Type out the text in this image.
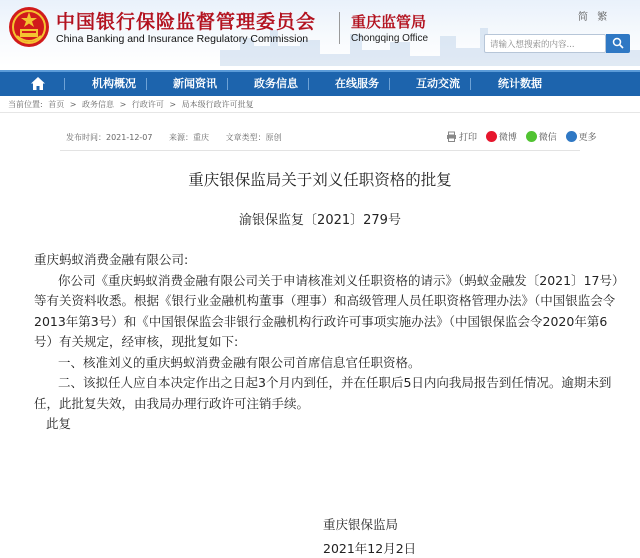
中国银行保险监督管理委员会
China Banking and Insurance Regulatory Commission
重庆监管局
Chongqing Office
简 繁
请输入想搜索的内容...
机构概况	新闻资讯	政务信息	在线服务	互动交流	统计数据
当前位置: 首页 > 政务信息 > 行政许可 > 局本级行政许可批复
发布时间：2021-12-07 来源：重庆 文章类型：原创	打印 微博 微信 更多
重庆银保监局关于刘义任职资格的批复
渝银保监复〔2021〕279号

重庆蚂蚁消费金融有限公司:

你公司《重庆蚂蚁消费金融有限公司关于申请核准刘义任职资格的请示》（蚂蚁金融发〔2021〕17号）

等有关资料收悉。根据《银行业金融机构董事（理事）和高级管理人员任职资格管理办法》（中国银监会令

2013年第3号）和《中国银保监会非银行金融机构行政许可事项实施办法》（中国银保监会令2020年第6

号）有关规定，经审核，现批复如下:

一、核准刘义的重庆蚂蚁消费金融有限公司首席信息官任职资格。

二、该拟任人应自本决定作出之日起3个月内到任，并在任职后5日内向我局报告到任情况。逾期未到

任，此批复失效，由我局办理行政许可注销手续。

此复

重庆银保监局
2021年12月2日
